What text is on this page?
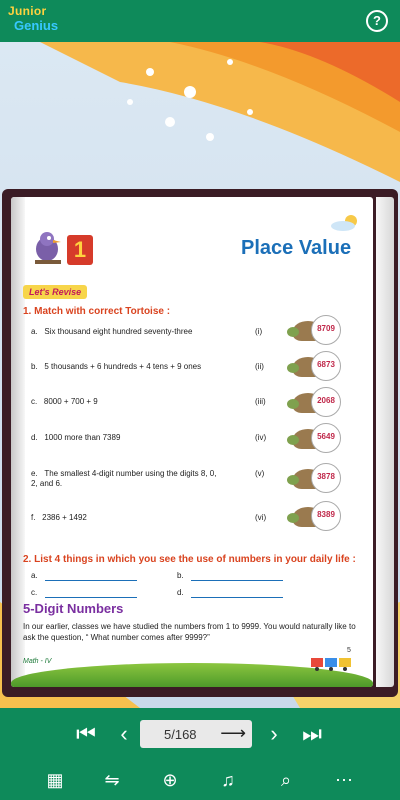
Junior
Genius	?
1	Place Value
Let's Revise
1. Match with correct Tortoise :
a. Six thousand eight hundred seventy-three	(i)	8709
b. 5 thousands + 6 hundreds + 4 tens + 9 ones	(ii)	6873
c. 8000 + 700 + 9	(iii)	2068
d. 1000 more than 7389	(iv)	5649
e. The smallest 4-digit number using the digits 8, 0, 2, and 6.
(v)	3878
f. 2386 + 1492	(vi)	8389
2. List 4 things in which you see the use of numbers in your daily life :
a.	b.
c.	d.
5-Digit Numbers
In our earlier, classes we have studied the numbers from 1 to 9999. You would naturally like to ask the question, “ What number comes after 9999?”
Math - IV
5
⏮	‹	5/168 ⟶	›	⏭
▦	⇋	⊕	♫	⌕	⋯
